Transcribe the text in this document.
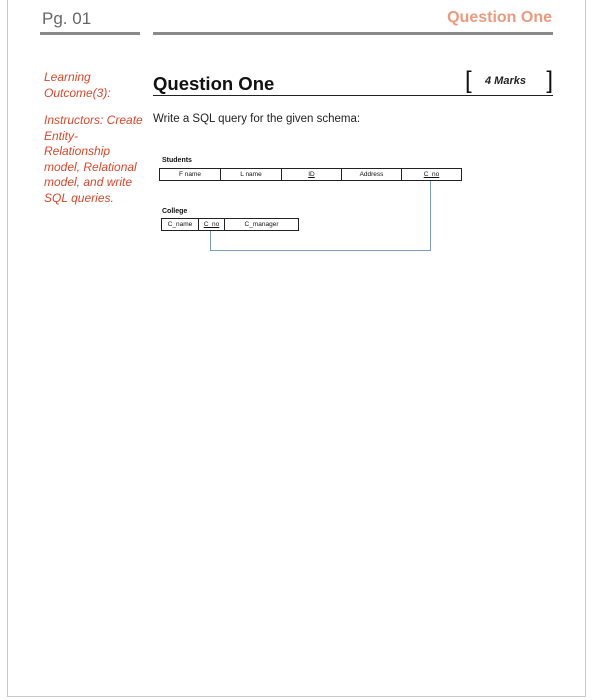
Pg. 01	Question One
Learning Outcome(3):
Instructors: Create Entity-Relationship model, Relational model, and write SQL queries.
Question One	[ 4 Marks ]
Write a SQL query for the given schema:
Students
F name	L name	ID	Address	C_no
College
C_name	C_no	C_manager
